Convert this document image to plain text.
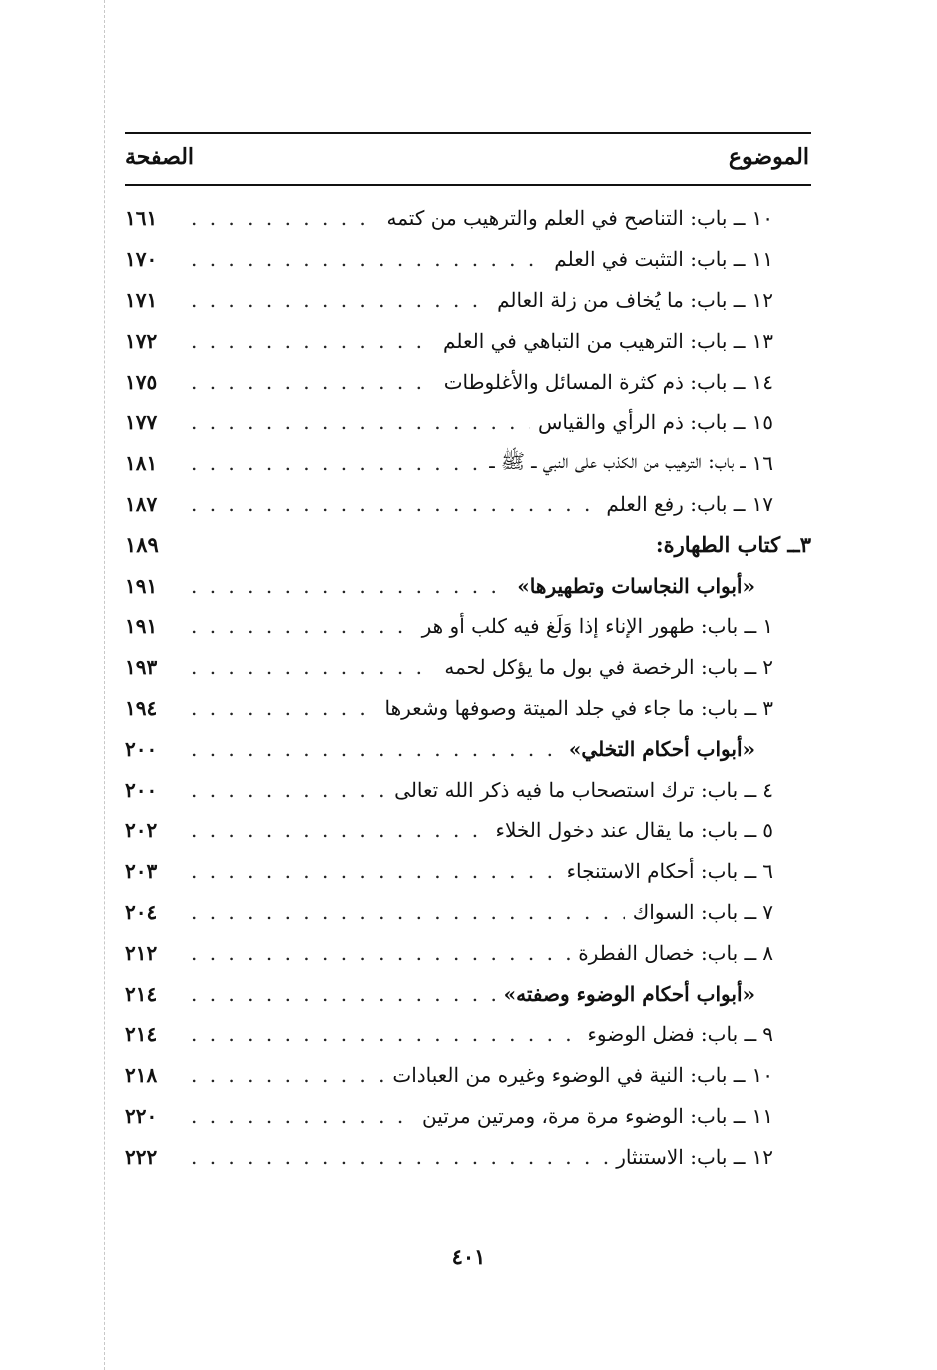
الموضوع
الصفحة
١٠
ــ باب: التناصح في العلم والترهيب من كتمه
. . .
١٦١
١١
ــ باب: التثبت في العلم
. . .
١٧٠
١٢
ــ باب: ما يُخاف من زلة العالم
. . .
١٧١
١٣
ــ باب: الترهيب من التباهي في العلم
. . .
١٧٢
١٤
ــ باب: ذم كثرة المسائل والأغلوطات
. . .
١٧٥
١٥
ــ باب: ذم الرأي والقياس
. . .
١٧٧
١٦
ــ باب: الترهيب من الكذب على النبي ــ ﷺ ــ
. . .
١٨١
١٧
ــ باب: رفع العلم
. . .
١٨٧
٣
ــ كتاب الطهارة:
١٨٩
«أبواب النجاسات وتطهيرها»
. . .
١٩١
١
ــ باب: طهور الإناء إذا وَلَغ فيه كلب أو هر
. . .
١٩١
٢
ــ باب: الرخصة في بول ما يؤكل لحمه
. . .
١٩٣
٣
ــ باب: ما جاء في جلد الميتة وصوفها وشعرها
. . .
١٩٤
«أبواب أحكام التخلي»
. . .
٢٠٠
٤
ــ باب: ترك استصحاب ما فيه ذكر الله تعالى
. . .
٢٠٠
٥
ــ باب: ما يقال عند دخول الخلاء
. . .
٢٠٢
٦
ــ باب: أحكام الاستنجاء
. . .
٢٠٣
٧
ــ باب: السواك
. . .
٢٠٤
٨
ــ باب: خصال الفطرة
. . .
٢١٢
«أبواب أحكام الوضوء وصفته»
. . .
٢١٤
٩
ــ باب: فضل الوضوء
. . .
٢١٤
١٠
ــ باب: النية في الوضوء وغيره من العبادات
. . .
٢١٨
١١
ــ باب: الوضوء مرة مرة، ومرتين مرتين
. . .
٢٢٠
١٢
ــ باب: الاستنثار
. . .
٢٢٢
٤٠١
